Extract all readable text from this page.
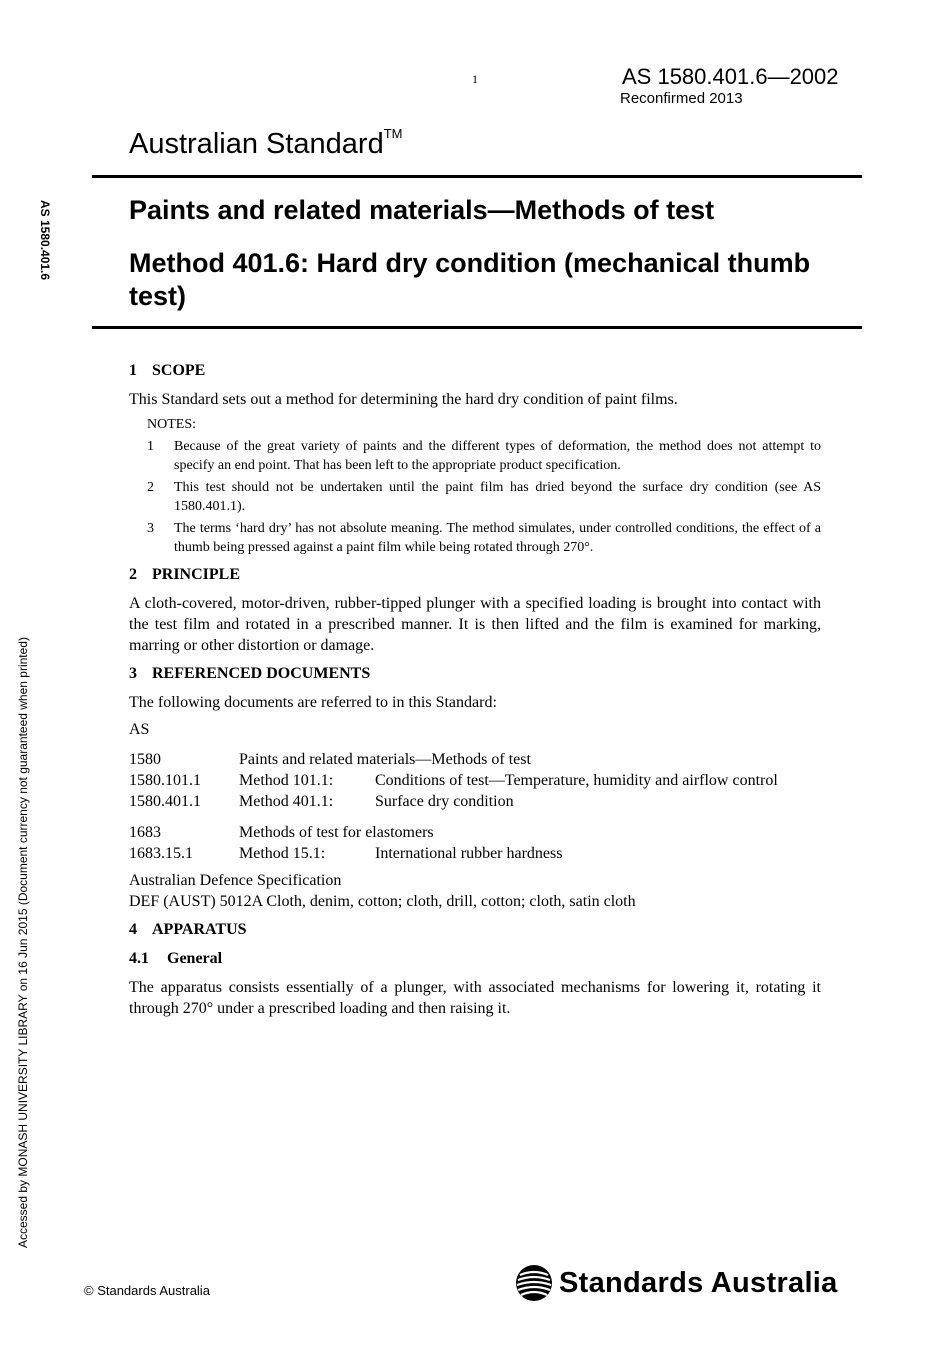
1	AS 1580.401.6—2002
Reconfirmed 2013
Australian Standard™
Paints and related materials—Methods of test
Method 401.6: Hard dry condition (mechanical thumb test)
AS 1580.401.6
Accessed by MONASH UNIVERSITY LIBRARY on 16 Jun 2015 (Document currency not guaranteed when printed)

1 SCOPE

This Standard sets out a method for determining the hard dry condition of paint films.

NOTES:
1	Because of the great variety of paints and the different types of deformation, the method does not attempt to specify an end point. That has been left to the appropriate product specification.
2	This test should not be undertaken until the paint film has dried beyond the surface dry condition (see AS 1580.401.1).
3	The terms ‘hard dry’ has not absolute meaning. The method simulates, under controlled conditions, the effect of a thumb being pressed against a paint film while being rotated through 270°.

2 PRINCIPLE

A cloth-covered, motor-driven, rubber-tipped plunger with a specified loading is brought into contact with the test film and rotated in a prescribed manner. It is then lifted and the film is examined for marking, marring or other distortion or damage.

3 REFERENCED DOCUMENTS

The following documents are referred to in this Standard:

AS

1580	Paints and related materials—Methods of test
1580.101.1	Method 101.1:	Conditions of test—Temperature, humidity and airflow control
1580.401.1	Method 401.1:	Surface dry condition
1683	Methods of test for elastomers
1683.15.1	Method 15.1:	International rubber hardness

Australian Defence Specification

DEF (AUST) 5012A Cloth, denim, cotton; cloth, drill, cotton; cloth, satin cloth

4 APPARATUS

4.1 General

The apparatus consists essentially of a plunger, with associated mechanisms for lowering it, rotating it through 270° under a prescribed loading and then raising it.

© Standards Australia	Standards Australia
